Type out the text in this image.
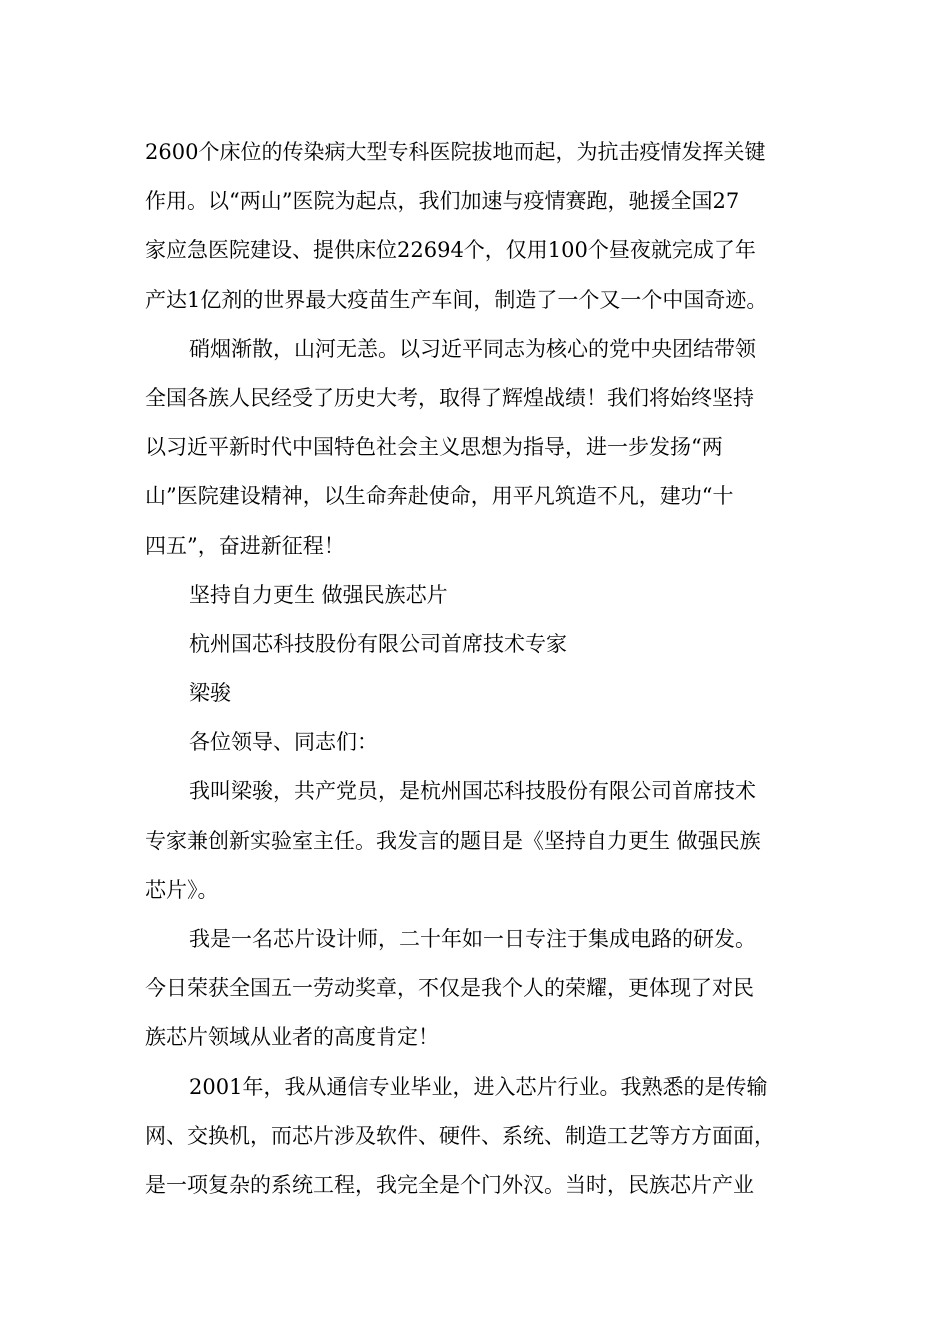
2600个床位的传染病大型专科医院拔地而起，为抗击疫情发挥关键
作用。以“两山”医院为起点，我们加速与疫情赛跑，驰援全国27
家应急医院建设、提供床位22694个，仅用100个昼夜就完成了年
产达1亿剂的世界最大疫苗生产车间，制造了一个又一个中国奇迹。
硝烟渐散，山河无恙。以习近平同志为核心的党中央团结带领
全国各族人民经受了历史大考，取得了辉煌战绩！我们将始终坚持
以习近平新时代中国特色社会主义思想为指导，进一步发扬“两
山”医院建设精神，以生命奔赴使命，用平凡筑造不凡，建功“十
四五”，奋进新征程！
坚持自力更生 做强民族芯片
杭州国芯科技股份有限公司首席技术专家
梁骏
各位领导、同志们：
我叫梁骏，共产党员，是杭州国芯科技股份有限公司首席技术
专家兼创新实验室主任。我发言的题目是《坚持自力更生 做强民族
芯片》。
我是一名芯片设计师，二十年如一日专注于集成电路的研发。
今日荣获全国五一劳动奖章，不仅是我个人的荣耀，更体现了对民
族芯片领域从业者的高度肯定！
2001年，我从通信专业毕业，进入芯片行业。我熟悉的是传输
网、交换机，而芯片涉及软件、硬件、系统、制造工艺等方方面面，
是一项复杂的系统工程，我完全是个门外汉。当时，民族芯片产业
